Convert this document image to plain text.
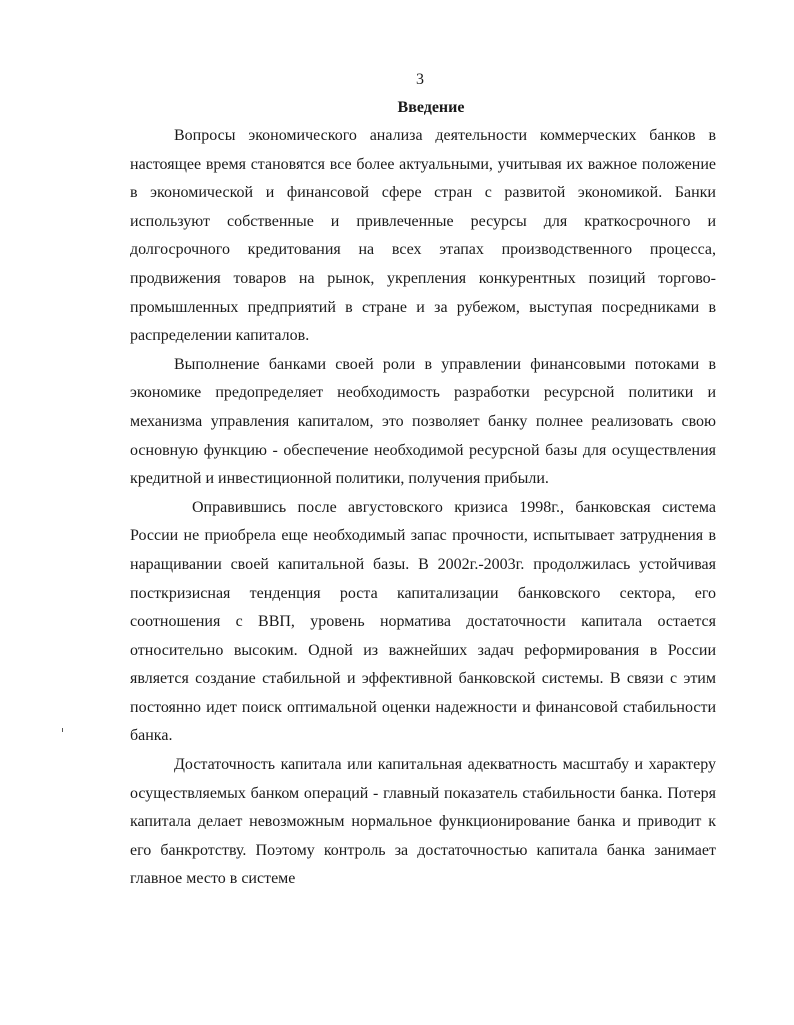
3
Введение

Вопросы экономического анализа деятельности коммерческих банков в настоящее время становятся все более актуальными, учитывая их важное положение в экономической и финансовой сфере стран с развитой экономикой. Банки используют собственные и привлеченные ресурсы для краткосрочного и долгосрочного кредитования на всех этапах производственного процесса, продвижения товаров на рынок, укрепления конкурентных позиций торгово-промышленных предприятий в стране и за рубежом, выступая посредниками в распределении капиталов.

Выполнение банками своей роли в управлении финансовыми потоками в экономике предопределяет необходимость разработки ресурсной политики и механизма управления капиталом, это позволяет банку полнее реализовать свою основную функцию - обеспечение необходимой ресурсной базы для осуществления кредитной и инвестиционной политики, получения прибыли.

Оправившись после августовского кризиса 1998г., банковская система России не приобрела еще необходимый запас прочности, испытывает затруднения в наращивании своей капитальной базы. В 2002г.-2003г. продолжилась устойчивая посткризисная тенденция роста капитализации банковского сектора, его соотношения с ВВП, уровень норматива достаточности капитала остается относительно высоким. Одной из важнейших задач реформирования в России является создание стабильной и эффективной банковской системы. В связи с этим постоянно идет поиск оптимальной оценки надежности и финансовой стабильности банка.

Достаточность капитала или капитальная адекватность масштабу и характеру осуществляемых банком операций - главный показатель стабильности банка. Потеря капитала делает невозможным нормальное функционирование банка и приводит к его банкротству. Поэтому контроль за достаточностью капитала банка занимает главное место в системе
